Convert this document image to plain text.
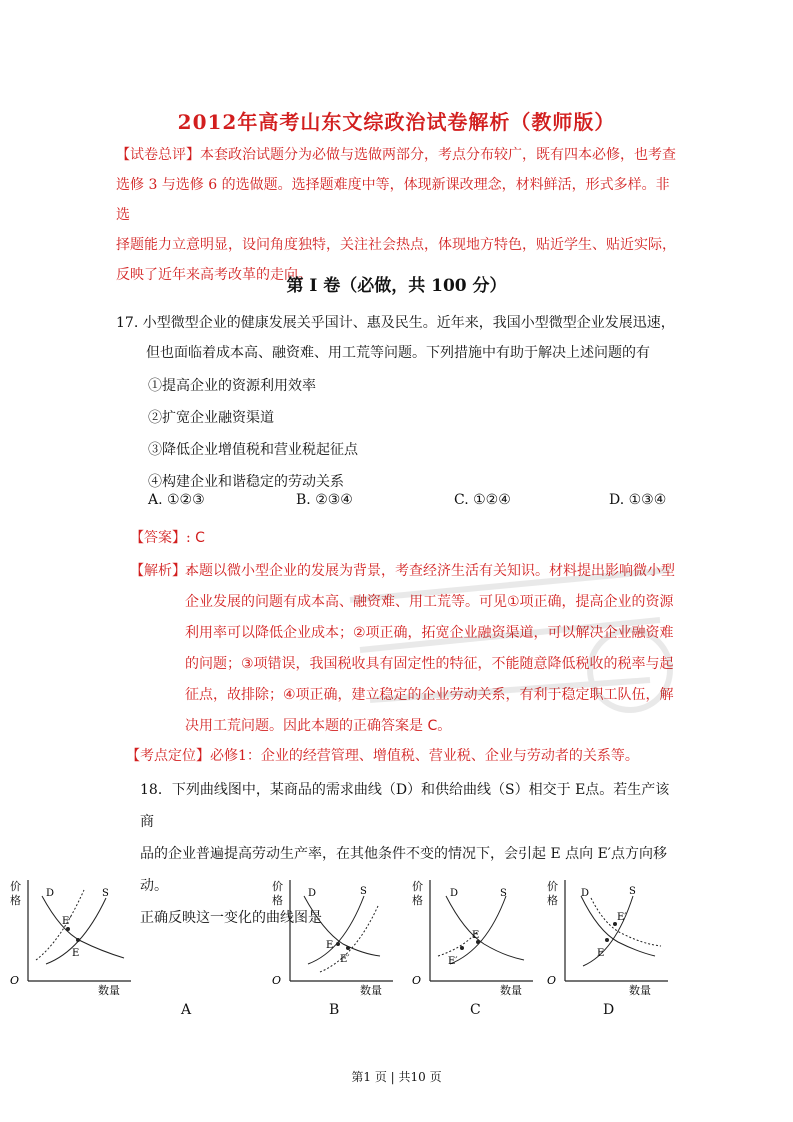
2012年高考山东文综政治试卷解析（教师版）
【试卷总评】本套政治试题分为必做与选做两部分，考点分布较广，既有四本必修，也考查
选修 3 与选修 6 的选做题。选择题难度中等，体现新课改理念，材料鲜活，形式多样。非选
择题能力立意明显，设问角度独特，关注社会热点，体现地方特色，贴近学生、贴近实际，
反映了近年来高考改革的走向。
第 I 卷（必做，共 100 分）
17. 小型微型企业的健康发展关乎国计、惠及民生。近年来，我国小型微型企业发展迅速，
但也面临着成本高、融资难、用工荒等问题。下列措施中有助于解决上述问题的有
①提高企业的资源利用效率
②扩宽企业融资渠道
③降低企业增值税和营业税起征点
④构建企业和谐稳定的劳动关系
A. ①②③	B. ②③④	C. ①②④	D. ①③④
【答案】: C
【解析】:
本题以微小型企业的发展为背景，考查经济生活有关知识。材料提出影响微小型
企业发展的问题有成本高、融资难、用工荒等。可见①项正确，提高企业的资源
利用率可以降低企业成本；②项正确，拓宽企业融资渠道，可以解决企业融资难
的问题；③项错误，我国税收具有固定性的特征，不能随意降低税收的税率与起
征点，故排除；④项正确，建立稳定的企业劳动关系，有利于稳定职工队伍，解
决用工荒问题。因此本题的正确答案是 C。
【考点定位】必修1：企业的经营管理、增值税、营业税、企业与劳动者的关系等。
18．下列曲线图中，某商品的需求曲线（D）和供给曲线（S）相交于 E点。若生产该商
品的企业普遍提高劳动生产率，在其他条件不变的情况下，会引起 E 点向 E′点方向移动。
正确反映这一变化的曲线图是
价
格
O
数量
D	S
E′
E
A
价
格
O
数量
D	S
E
E′
B
价
格
O
数量
D	S
E
E′
C
价
格
O
数量
D	S
E′
E
D
第1 页 | 共10 页
